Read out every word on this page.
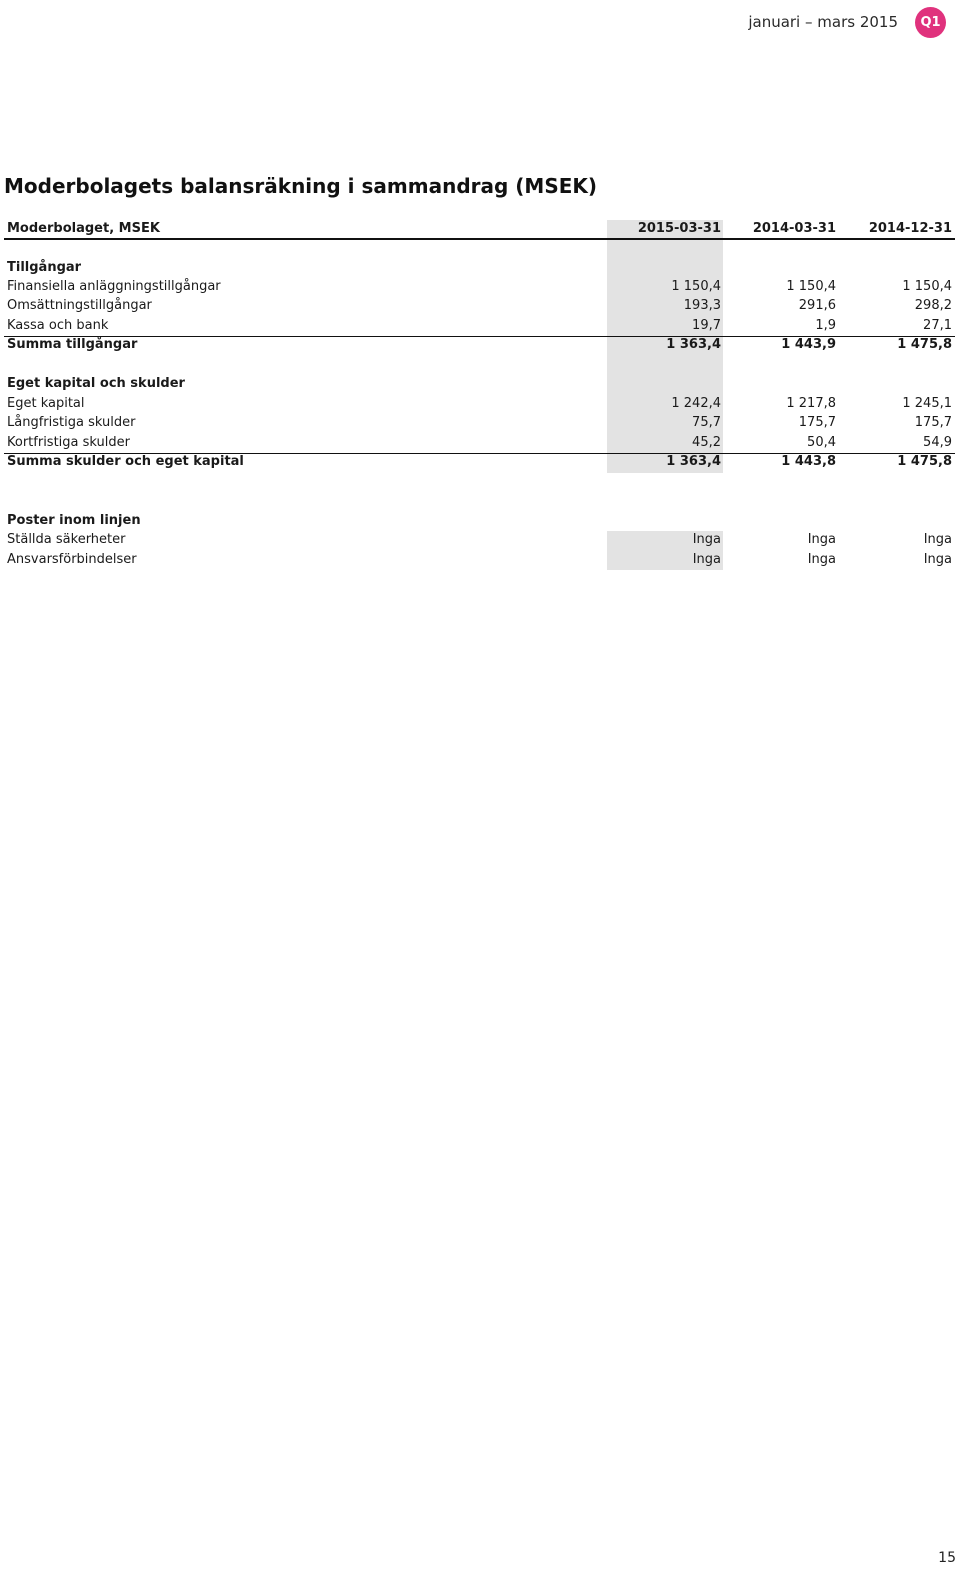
januari – mars 2015	Q1
Moderbolagets balansräkning i sammandrag (MSEK)
Moderbolaget, MSEK	2015-03-31	2014-03-31	2014-12-31
Tillgångar
Finansiella anläggningstillgångar	1 150,4	1 150,4	1 150,4
Omsättningstillgångar	193,3	291,6	298,2
Kassa och bank	19,7	1,9	27,1
Summa tillgångar	1 363,4	1 443,9	1 475,8
Eget kapital och skulder
Eget kapital	1 242,4	1 217,8	1 245,1
Långfristiga skulder	75,7	175,7	175,7
Kortfristiga skulder	45,2	50,4	54,9
Summa skulder och eget kapital	1 363,4	1 443,8	1 475,8
Poster inom linjen
Ställda säkerheter	Inga	Inga	Inga
Ansvarsförbindelser	Inga	Inga	Inga
15
